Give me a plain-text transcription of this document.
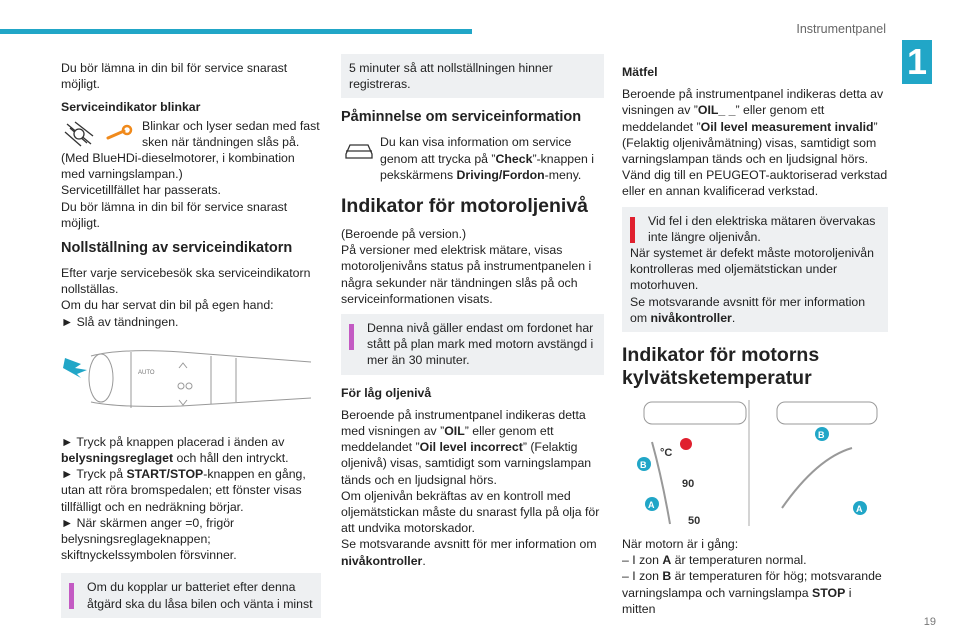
Instrumentpanel
1
19

Du bör lämna in din bil för service snarast möjligt.

Serviceindikator blinkar
Blinkar och lyser sedan med fast sken när tändningen slås på.
(Med BlueHDi-dieselmotorer, i kombination med varningslampan.)
Servicetillfället har passerats.

Du bör lämna in din bil för service snarast möjligt.

Nollställning av serviceindikatorn
Efter varje servicebesök ska serviceindikatorn nollställas.
Om du har servat din bil på egen hand:
► Slå av tändningen.
AUTO
► Tryck på knappen placerad i änden av belysningsreglaget och håll den intryckt.
► Tryck på START/STOP-knappen en gång, utan att röra bromspedalen; ett fönster visas tillfälligt och en nedräkning börjar.
► När skärmen anger =0, frigör belysningsreglageknappen; skiftnyckelssymbolen försvinner.
Om du kopplar ur batteriet efter denna åtgärd ska du låsa bilen och vänta i minst
5 minuter så att nollställningen hinner registreras.
Påminnelse om serviceinformation
Du kan visa information om service genom att trycka på ”Check”-knappen i pekskärmens Driving/Fordon-meny.
Indikator för motoroljenivå
(Beroende på version.)

På versioner med elektrisk mätare, visas motoroljenivåns status på instrumentpanelen i några sekunder när tändningen slås på och serviceinformationen visats.

Denna nivå gäller endast om fordonet har stått på plan mark med motorn avstängd i mer än 30 minuter.
För låg oljenivå
Beroende på instrumentpanel indikeras detta med visningen av ”OIL” eller genom ett meddelandet ”Oil level incorrect” (Felaktig oljenivå) visas, samtidigt som varningslampan tänds och en ljudsignal hörs.
Om oljenivån bekräftas av en kontroll med oljemätstickan måste du snarast fylla på olja för att undvika motorskador.
Se motsvarande avsnitt för mer information om nivåkontroller.
Mätfel

Beroende på instrumentpanel indikeras detta av visningen av ”OIL_ _” eller genom ett meddelandet ”Oil level measurement invalid” (Felaktig oljenivåmätning) visas, samtidigt som varningslampan tänds och en ljudsignal hörs. Vänd dig till en PEUGEOT-auktoriserad verkstad eller en annan kvalificerad verkstad.

Vid fel i den elektriska mätaren övervakas inte längre oljenivån.
När systemet är defekt måste motoroljenivån kontrolleras med oljemätstickan under motorhuven.
Se motsvarande avsnitt för mer information om nivåkontroller.
Indikator för motorns kylvätsketemperatur
°C
90
50
B
A
B
A
När motorn är i gång:
– I zon A är temperaturen normal.
– I zon B är temperaturen för hög; motsvarande varningslampa och varningslampa STOP i mitten
